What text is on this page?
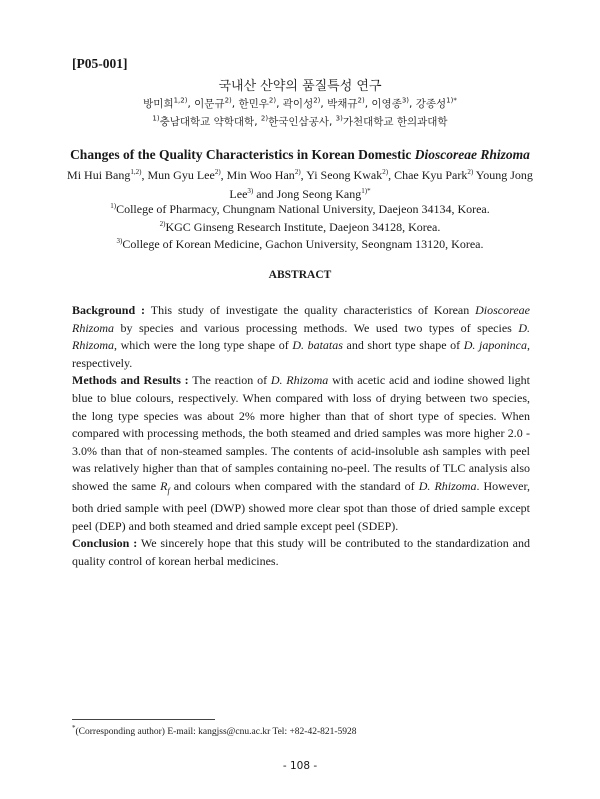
[P05-001]
국내산 산약의 품질특성 연구
방미희$^{1,2)}$, 이문규$^{2)}$, 한민우$^{2)}$, 곽이성$^{2)}$, 박채규$^{2)}$, 이영종$^{3)}$, 강종성$^{1)*}$
$^{1)}$충남대학교 약학대학, $^{2)}$한국인삼공사, $^{3)}$가천대학교 한의과대학
Changes of the Quality Characteristics in Korean Domestic Dioscoreae Rhizoma
Mi Hui Bang$^{1,2)}$, Mun Gyu Lee$^{2)}$, Min Woo Han$^{2)}$, Yi Seong Kwak$^{2)}$, Chae Kyu Park$^{2)}$ Young Jong Lee$^{3)}$ and Jong Seong Kang$^{1)*}$
$^{1)}$College of Pharmacy, Chungnam National University, Daejeon 34134, Korea.
$^{2)}$KGC Ginseng Research Institute, Daejeon 34128, Korea.
$^{3)}$College of Korean Medicine, Gachon University, Seongnam 13120, Korea.
ABSTRACT

Background : This study of investigate the quality characteristics of Korean Dioscoreae Rhizoma by species and various processing methods. We used two types of species D. Rhizoma, which were the long type shape of D. batatas and short type shape of D. japoninca, respectively.

Methods and Results : The reaction of D. Rhizoma with acetic acid and iodine showed light blue to blue colours, respectively. When compared with loss of drying between two species, the long type species was about 2% more higher than that of short type of species. When compared with processing methods, the both steamed and dried samples was more higher 2.0 - 3.0% than that of non-steamed samples. The contents of acid-insoluble ash samples with peel was relatively higher than that of samples containing no-peel. The results of TLC analysis also showed the same $R_f$ and colours when compared with the standard of D. Rhizoma. However, both dried sample with peel (DWP) showed more clear spot than those of dried sample except peel (DEP) and both steamed and dried sample except peel (SDEP).

Conclusion : We sincerely hope that this study will be contributed to the standardization and quality control of korean herbal medicines.

*(Corresponding author) E-mail: kangjss@cnu.ac.kr Tel: +82-42-821-5928
- 108 -
